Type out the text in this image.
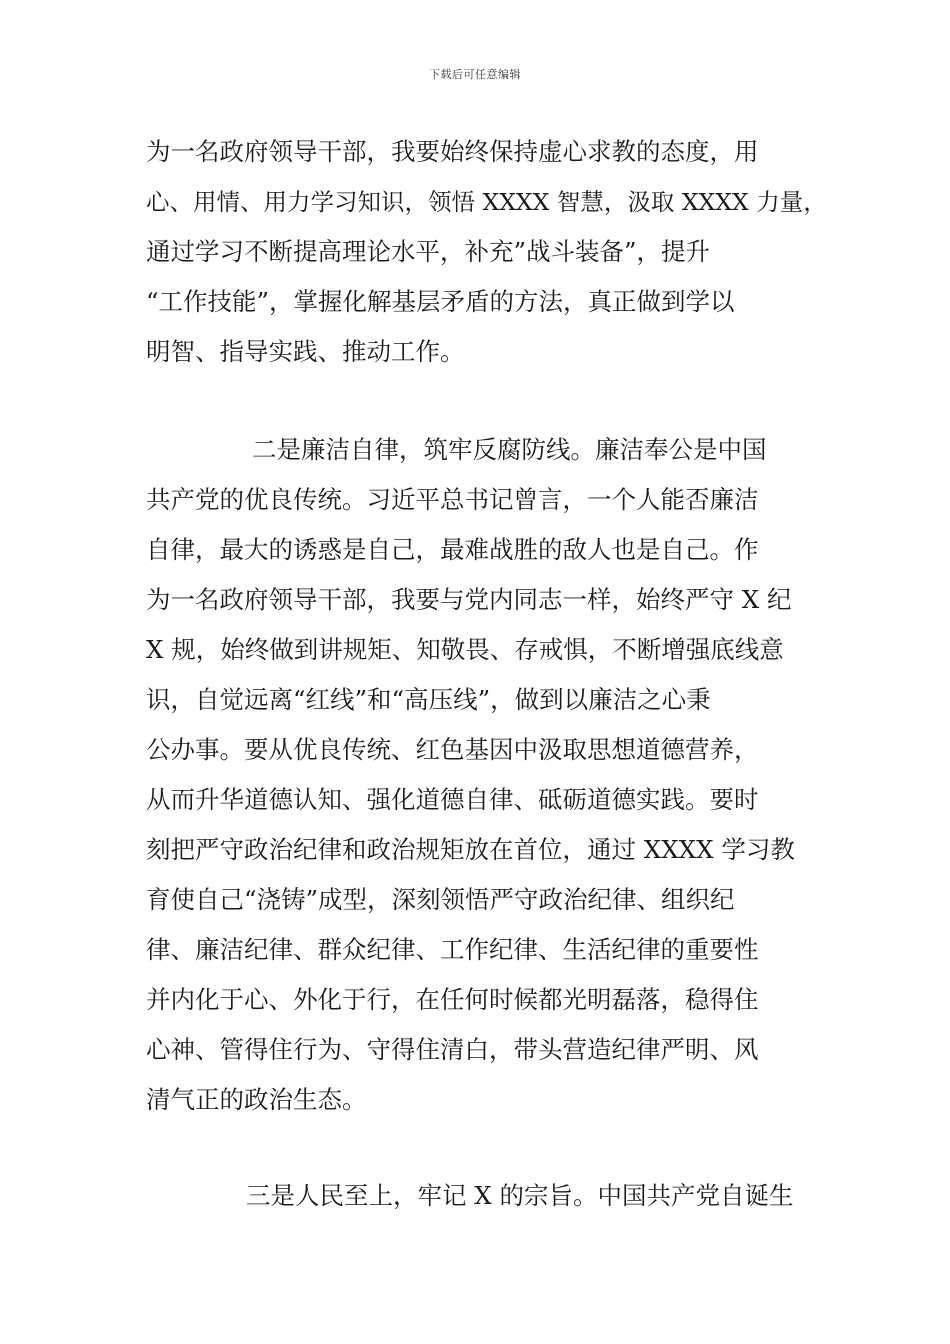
下载后可任意编辑
为一名政府领导干部，我要始终保持虚心求教的态度，用
心、用情、用力学习知识，领悟 XXXX 智慧，汲取 XXXX 力量，
通过学习不断提高理论水平，补充”战斗装备”，提升
“工作技能”，掌握化解基层矛盾的方法，真正做到学以
明智、指导实践、推动工作。
二是廉洁自律，筑牢反腐防线。廉洁奉公是中国
共产党的优良传统。习近平总书记曾言，一个人能否廉洁
自律，最大的诱惑是自己，最难战胜的敌人也是自己。作
为一名政府领导干部，我要与党内同志一样，始终严守 X 纪
X 规，始终做到讲规矩、知敬畏、存戒惧，不断增强底线意
识，自觉远离“红线”和“高压线”，做到以廉洁之心秉
公办事。要从优良传统、红色基因中汲取思想道德营养，
从而升华道德认知、强化道德自律、砥砺道德实践。要时
刻把严守政治纪律和政治规矩放在首位，通过 XXXX 学习教
育使自己“浇铸”成型，深刻领悟严守政治纪律、组织纪
律、廉洁纪律、群众纪律、工作纪律、生活纪律的重要性
并内化于心、外化于行，在任何时候都光明磊落，稳得住
心神、管得住行为、守得住清白，带头营造纪律严明、风
清气正的政治生态。
三是人民至上，牢记 X 的宗旨。中国共产党自诞生
